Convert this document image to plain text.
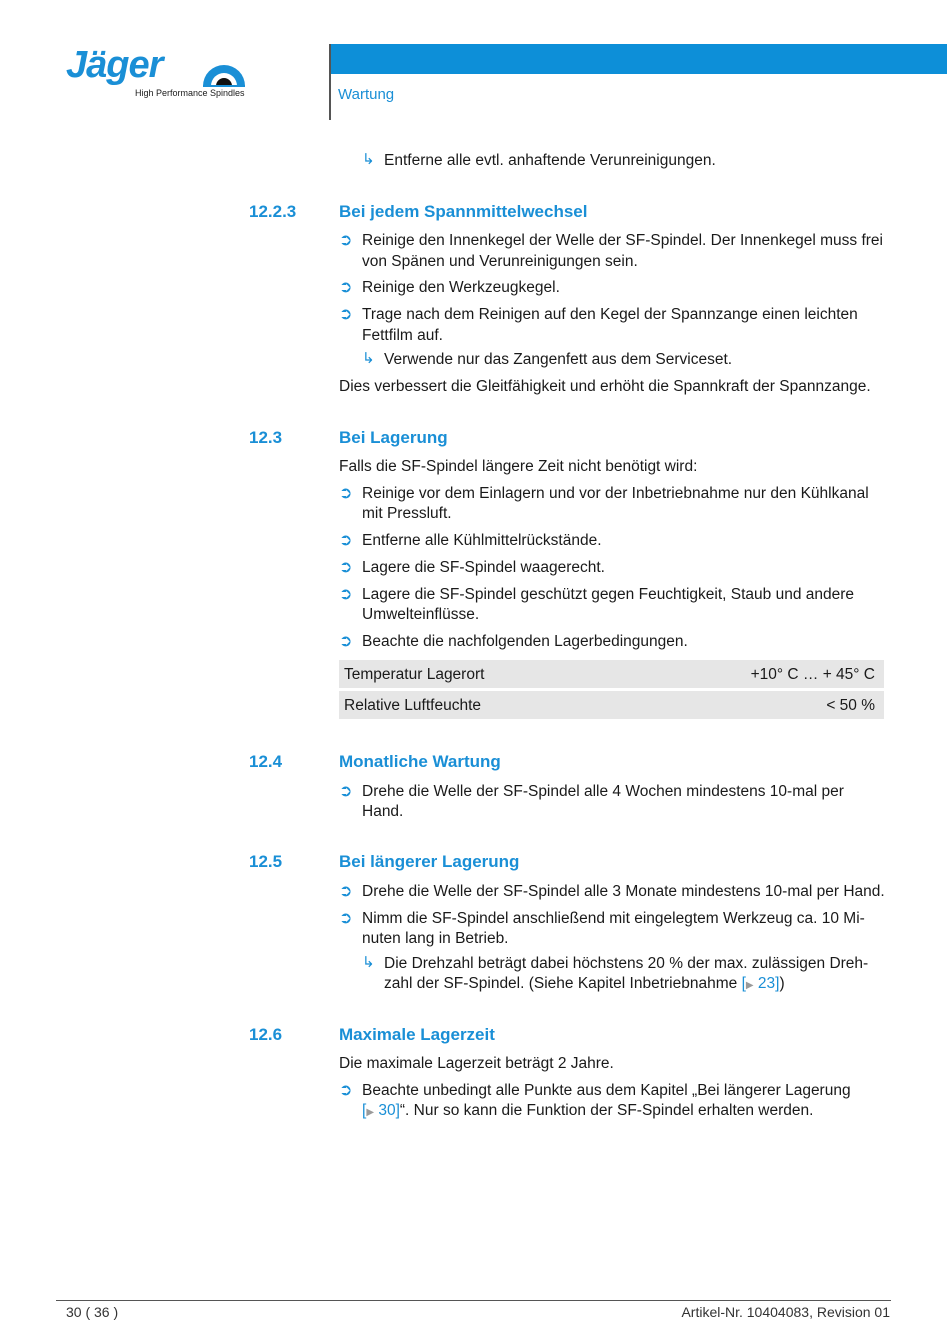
Jäger
High Performance Spindles	Wartung
↳ Entferne alle evtl. anhaftende Verunreinigungen.
12.2.3	Bei jedem Spannmittelwechsel
➲ Reinige den Innenkegel der Welle der SF-Spindel. Der Innenkegel muss frei
von Spänen und Verunreinigungen sein.
➲ Reinige den Werkzeugkegel.
➲ Trage nach dem Reinigen auf den Kegel der Spannzange einen leichten
Fettfilm auf.
↳ Verwende nur das Zangenfett aus dem Serviceset.
Dies verbessert die Gleitfähigkeit und erhöht die Spannkraft der Spannzange.
12.3	Bei Lagerung
Falls die SF-Spindel längere Zeit nicht benötigt wird:
➲ Reinige vor dem Einlagern und vor der Inbetriebnahme nur den Kühlkanal
mit Pressluft.
➲ Entferne alle Kühlmittelrückstände.
➲ Lagere die SF-Spindel waagerecht.
➲ Lagere die SF-Spindel geschützt gegen Feuchtigkeit, Staub und andere
Umwelteinflüsse.
➲ Beachte die nachfolgenden Lagerbedingungen.
Temperatur Lagerort	+10° C … + 45° C
Relative Luftfeuchte	< 50 %
12.4	Monatliche Wartung
➲ Drehe die Welle der SF-Spindel alle 4 Wochen mindestens 10-mal per
Hand.
12.5	Bei längerer Lagerung
➲ Drehe die Welle der SF-Spindel alle 3 Monate mindestens 10-mal per Hand.
➲ Nimm die SF-Spindel anschließend mit eingelegtem Werkzeug ca. 10 Mi-
nuten lang in Betrieb.
↳ Die Drehzahl beträgt dabei höchstens 20 % der max. zulässigen Dreh-
zahl der SF-Spindel. (Siehe Kapitel Inbetriebnahme [▶ 23])
12.6	Maximale Lagerzeit
Die maximale Lagerzeit beträgt 2 Jahre.
➲ Beachte unbedingt alle Punkte aus dem Kapitel „Bei längerer Lagerung
[▶ 30]“. Nur so kann die Funktion der SF-Spindel erhalten werden.
30 ( 36 )	Artikel-Nr. 10404083, Revision 01
